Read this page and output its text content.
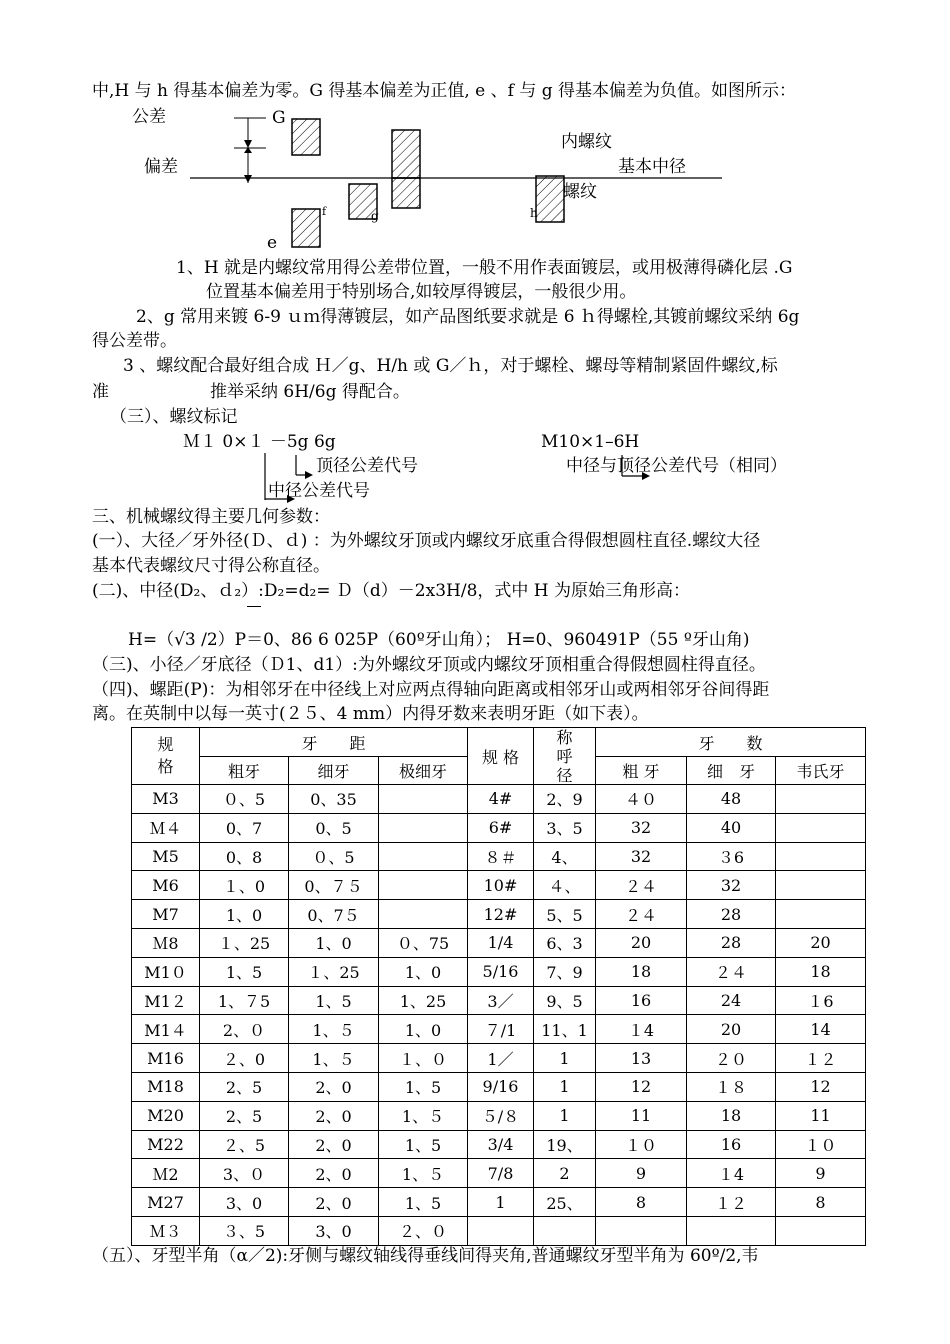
中,H 与 h 得基本偏差为零。G 得基本偏差为正值, e 、f 与 g 得基本偏差为负值。如图所示：
公差
偏差
G
e
f	g	h
内螺纹
基本中径
螺纹
1、H 就是内螺纹常用得公差带位置，一般不用作表面镀层，或用极薄得磷化层 .G
位置基本偏差用于特别场合,如较厚得镀层，一般很少用。
2、g 常用来镀 6-9 ｕｍ得薄镀层，如产品图纸要求就是 6 ｈ得螺栓,其镀前螺纹采纳 6g
得公差带。
3 、螺纹配合最好组合成 Ｈ／g、H/h 或 G／ｈ，对于螺栓、螺母等精制紧固件螺纹,标
准	推举采纳 6H/6g 得配合。
（三）、螺纹标记
Ｍ１ 0×１ －5g 6g
顶径公差代号
中径公差代号
M10×1–6H
中径与顶径公差代号（相同）
三、机械螺纹得主要几何参数：
(一）、大径／牙外径(Ｄ、ｄ) ：为外螺纹牙顶或内螺纹牙底重合得假想圆柱直径.螺纹大径
基本代表螺纹尺寸得公称直径。
(二)、中径(D₂、ｄ₂）:D₂=d₂= Ｄ（d）－2x3H/8，式中 H 为原始三角形高：
H=（√3 /2）P＝0、86 6 025P（60º牙山角）； H=0、960491P（55 º牙山角)
（三)、小径／牙底径（Ｄ1、d1）:为外螺纹牙顶或内螺纹牙顶相重合得假想圆柱得直径。
（四)、螺距(P)：为相邻牙在中径线上对应两点得轴向距离或相邻牙山或两相邻牙谷间得距
离。在英制中以每一英寸(２５、4 mm）内得牙数来表明牙距（如下表）。
规
格	牙　　距			规 格	称
呼
径	牙　　数		
	粗牙	细牙	极细牙			粗 牙	细　牙	韦氏牙
M3	０、5	0、35		4#	2、9	４０	48	
Ｍ４	0、7	0、5		6#	3、5	32	40	
M5	0、8	０、5		８＃	4、	32	３6	
M6	１、0	0、７５		10#	４、	２４	32	
M7	1、0	0、7５		12#	5、5	２４	28	
Ｍ8	１、25	1、0	０、75	1/4	6、3	20	28	20
M1０	1、5	１、25	1、0	5/16	7、9	18	２４	18
M1２	1、７5	1、5	1、25	3／	9、5	16	24	１6
M1４	2、０	1、５	1、0	７/1	11、1	１4	20	14
M16	２、0	1、５	１、０	1／	1	13	２０	１２
M18	2、5	2、0	1、5	9/16	1	12	１８	12
M20	2、5	2、0	1、５	５/８	1	11	18	11
M22	２、5	2、0	1、5	3/4	19、	１０	16	１０
Ｍ2	3、０	2、0	1、５	7/8	2	9	１4	9
M27	3、0	2、0	1、5	1	25、	8	１２	8
Ｍ３	３、5	3、0	２、０					
（五）、牙型半角（α／2):牙侧与螺纹轴线得垂线间得夹角,普通螺纹牙型半角为 60º/2,韦
